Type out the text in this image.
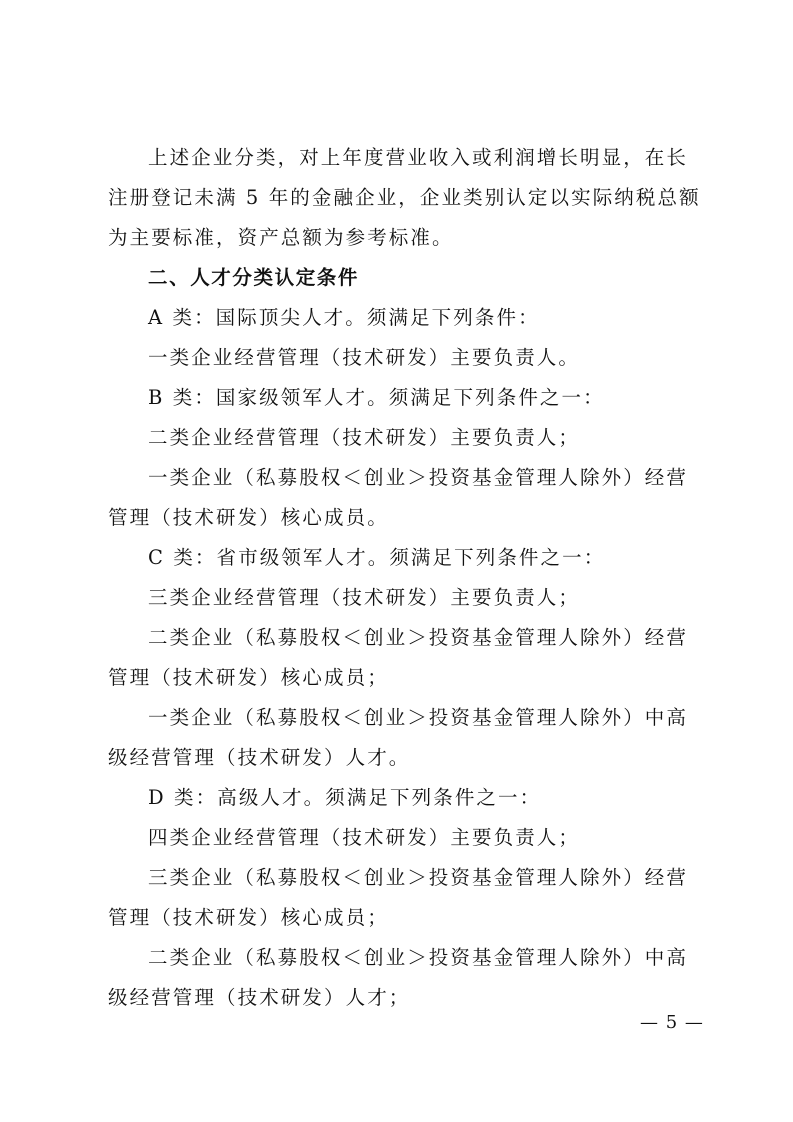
上述企业分类，对上年度营业收入或利润增长明显，在长
注册登记未满 5 年的金融企业，企业类别认定以实际纳税总额
为主要标准，资产总额为参考标准。
二、人才分类认定条件
A 类：国际顶尖人才。须满足下列条件：
一类企业经营管理（技术研发）主要负责人。
B 类：国家级领军人才。须满足下列条件之一：
二类企业经营管理（技术研发）主要负责人；
一类企业（私募股权＜创业＞投资基金管理人除外）经营
管理（技术研发）核心成员。
C 类：省市级领军人才。须满足下列条件之一：
三类企业经营管理（技术研发）主要负责人；
二类企业（私募股权＜创业＞投资基金管理人除外）经营
管理（技术研发）核心成员；
一类企业（私募股权＜创业＞投资基金管理人除外）中高
级经营管理（技术研发）人才。
D 类：高级人才。须满足下列条件之一：
四类企业经营管理（技术研发）主要负责人；
三类企业（私募股权＜创业＞投资基金管理人除外）经营
管理（技术研发）核心成员；
二类企业（私募股权＜创业＞投资基金管理人除外）中高
级经营管理（技术研发）人才；
— 5 —
